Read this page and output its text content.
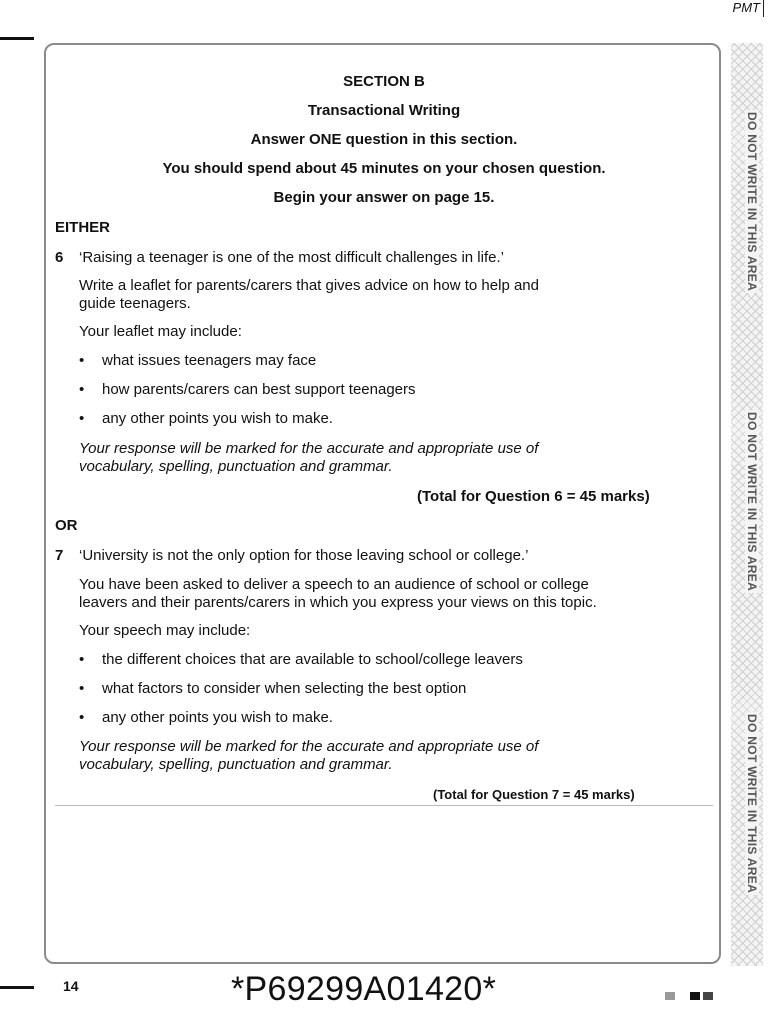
PMT
DO NOT WRITE IN THIS AREA
DO NOT WRITE IN THIS AREA
DO NOT WRITE IN THIS AREA
SECTION B
Transactional Writing
Answer ONE question in this section.
You should spend about 45 minutes on your chosen question.
Begin your answer on page 15.
EITHER
6 ‘Raising a teenager is one of the most difficult challenges in life.’
Write a leaflet for parents/carers that gives advice on how to help and
guide teenagers.
Your leaflet may include:
• what issues teenagers may face
• how parents/carers can best support teenagers
• any other points you wish to make.
Your response will be marked for the accurate and appropriate use of
vocabulary, spelling, punctuation and grammar.
(Total for Question 6 = 45 marks)
OR
7 ‘University is not the only option for those leaving school or college.’
You have been asked to deliver a speech to an audience of school or college
leavers and their parents/carers in which you express your views on this topic.
Your speech may include:
• the different choices that are available to school/college leavers
• what factors to consider when selecting the best option
• any other points you wish to make.
Your response will be marked for the accurate and appropriate use of
vocabulary, spelling, punctuation and grammar.
(Total for Question 7 = 45 marks)
14	*P69299A01420*
